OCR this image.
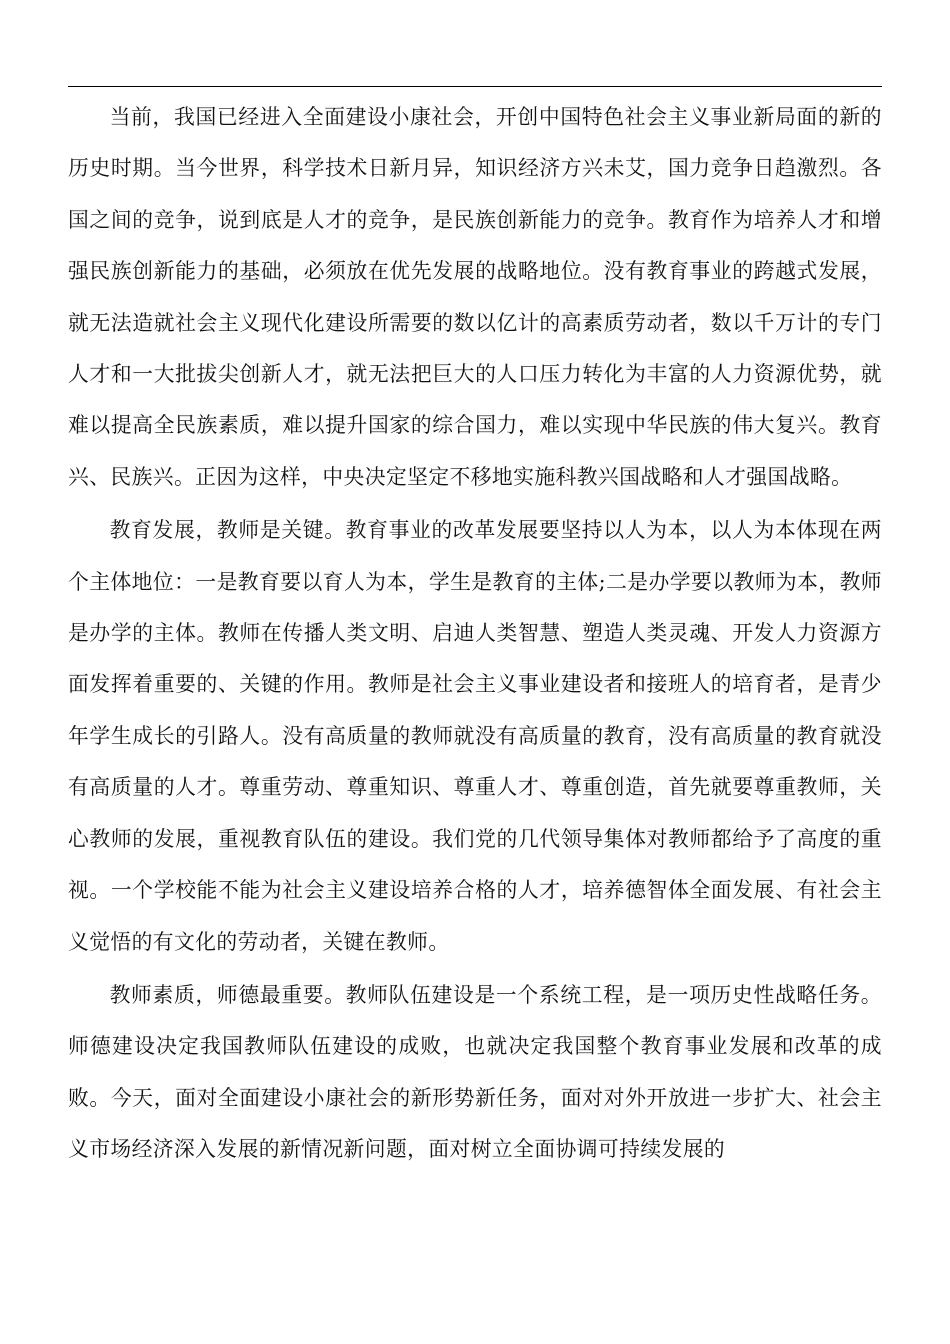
当前，我国已经进入全面建设小康社会，开创中国特色社会主义事业新局面的新的历史时期。当今世界，科学技术日新月异，知识经济方兴未艾，国力竞争日趋激烈。各国之间的竞争，说到底是人才的竞争，是民族创新能力的竞争。教育作为培养人才和增强民族创新能力的基础，必须放在优先发展的战略地位。没有教育事业的跨越式发展，就无法造就社会主义现代化建设所需要的数以亿计的高素质劳动者，数以千万计的专门人才和一大批拔尖创新人才，就无法把巨大的人口压力转化为丰富的人力资源优势，就难以提高全民族素质，难以提升国家的综合国力，难以实现中华民族的伟大复兴。教育兴、民族兴。正因为这样，中央决定坚定不移地实施科教兴国战略和人才强国战略。

教育发展，教师是关键。教育事业的改革发展要坚持以人为本，以人为本体现在两个主体地位：一是教育要以育人为本，学生是教育的主体;二是办学要以教师为本，教师是办学的主体。教师在传播人类文明、启迪人类智慧、塑造人类灵魂、开发人力资源方面发挥着重要的、关键的作用。教师是社会主义事业建设者和接班人的培育者，是青少年学生成长的引路人。没有高质量的教师就没有高质量的教育，没有高质量的教育就没有高质量的人才。尊重劳动、尊重知识、尊重人才、尊重创造，首先就要尊重教师，关心教师的发展，重视教育队伍的建设。我们党的几代领导集体对教师都给予了高度的重视。一个学校能不能为社会主义建设培养合格的人才，培养德智体全面发展、有社会主义觉悟的有文化的劳动者，关键在教师。

教师素质，师德最重要。教师队伍建设是一个系统工程，是一项历史性战略任务。师德建设决定我国教师队伍建设的成败，也就决定我国整个教育事业发展和改革的成败。今天，面对全面建设小康社会的新形势新任务，面对对外开放进一步扩大、社会主义市场经济深入发展的新情况新问题，面对树立全面协调可持续发展的
